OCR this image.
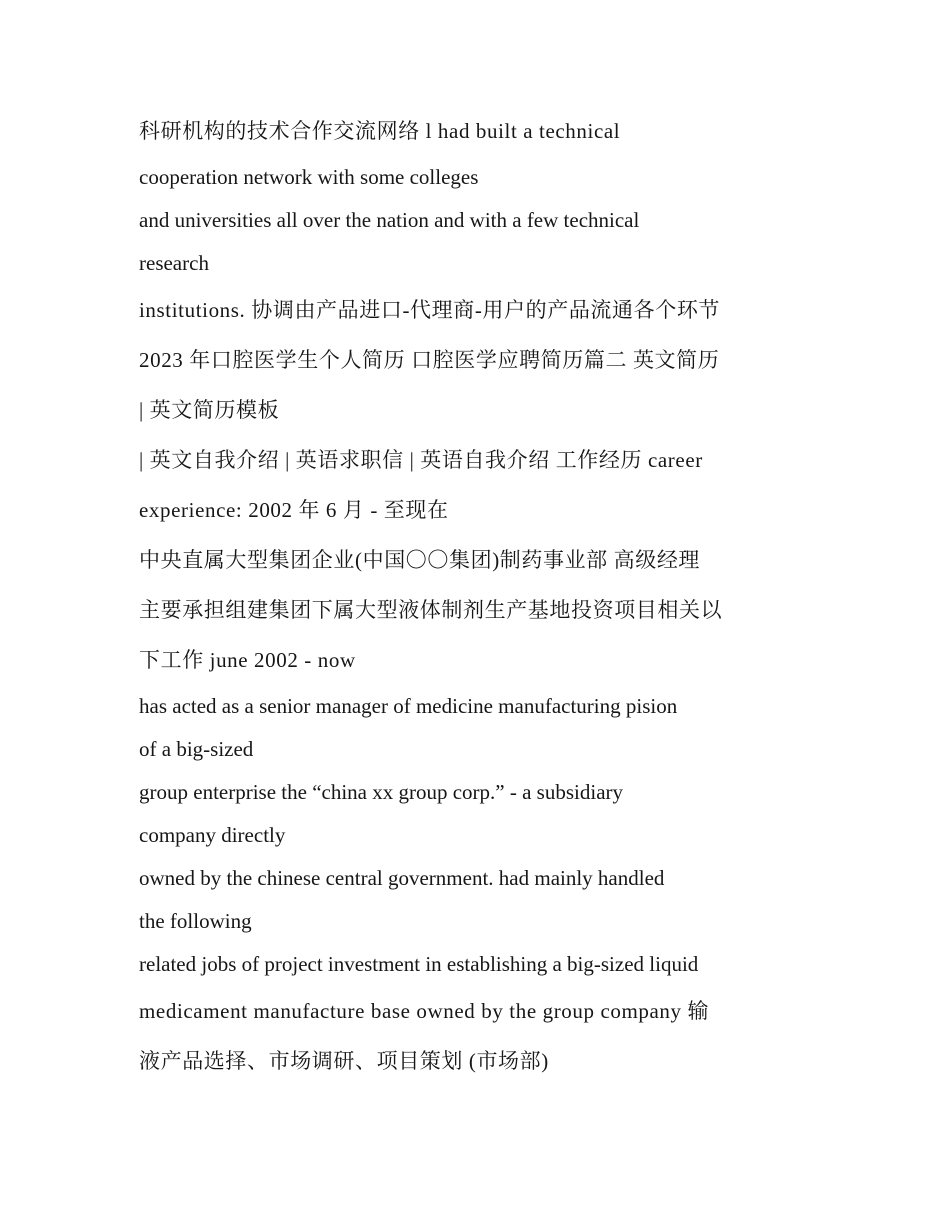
科研机构的技术合作交流网络 l had built a technical
cooperation network with some colleges
and universities all over the nation and with a few technical
research
institutions. 协调由产品进口-代理商-用户的产品流通各个环节
2023 年口腔医学生个人简历 口腔医学应聘简历篇二 英文简历
| 英文简历模板
| 英文自我介绍 | 英语求职信 | 英语自我介绍 工作经历 career
experience: 2002 年 6 月 - 至现在
中央直属大型集团企业(中国〇〇集团)制药事业部 高级经理
主要承担组建集团下属大型液体制剂生产基地投资项目相关以
下工作 june 2002 - now
has acted as a senior manager of medicine manufacturing pision
of a big-sized
group enterprise the “china xx group corp.” - a subsidiary
company directly
owned by the chinese central government. had mainly handled
the following
related jobs of project investment in establishing a big-sized liquid
medicament manufacture base owned by the group company 输
液产品选择、市场调研、项目策划 (市场部)
